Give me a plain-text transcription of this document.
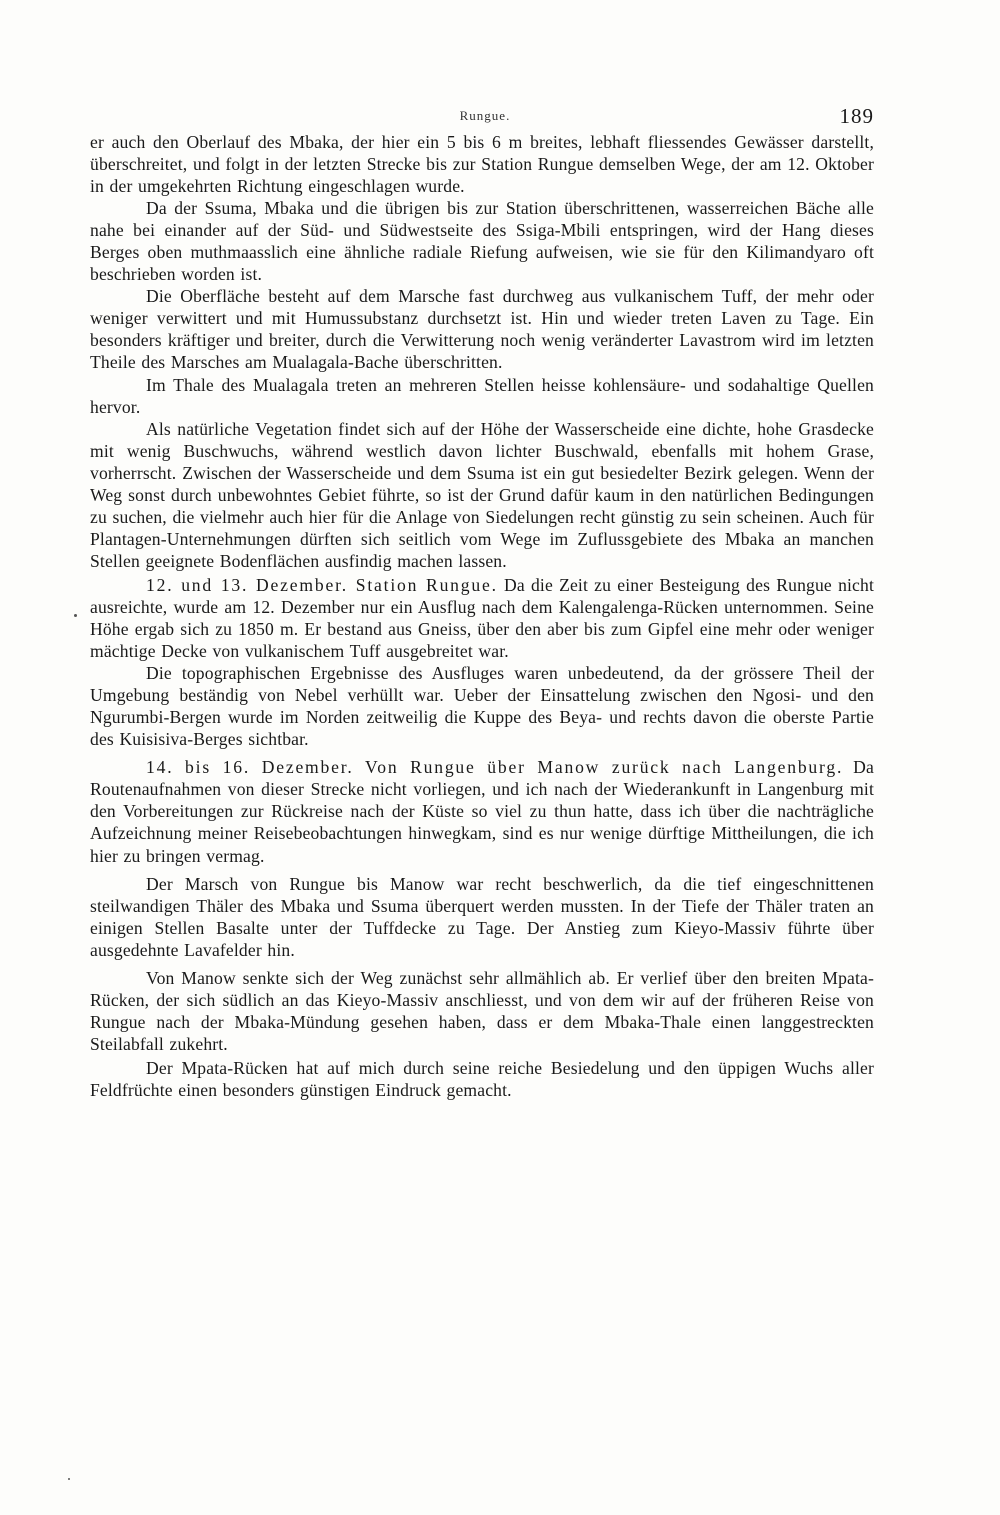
Rungue.	189

er auch den Oberlauf des Mbaka, der hier ein 5 bis 6 m breites, lebhaft fliessendes Gewässer darstellt, überschreitet, und folgt in der letzten Strecke bis zur Station Rungue demselben Wege, der am 12. Oktober in der umgekehrten Richtung eingeschlagen wurde.

Da der Ssuma, Mbaka und die übrigen bis zur Station überschrittenen, wasserreichen Bäche alle nahe bei einander auf der Süd- und Südwestseite des Ssiga-Mbili entspringen, wird der Hang dieses Berges oben muthmaasslich eine ähnliche radiale Riefung aufweisen, wie sie für den Kilimandyaro oft beschrieben worden ist.

Die Oberfläche besteht auf dem Marsche fast durchweg aus vulkanischem Tuff, der mehr oder weniger verwittert und mit Humussubstanz durchsetzt ist. Hin und wieder treten Laven zu Tage. Ein besonders kräftiger und breiter, durch die Verwitterung noch wenig veränderter Lavastrom wird im letzten Theile des Marsches am Mualagala-Bache überschritten.

Im Thale des Mualagala treten an mehreren Stellen heisse kohlensäure- und sodahaltige Quellen hervor.

Als natürliche Vegetation findet sich auf der Höhe der Wasserscheide eine dichte, hohe Grasdecke mit wenig Buschwuchs, während westlich davon lichter Buschwald, ebenfalls mit hohem Grase, vorherrscht. Zwischen der Wasserscheide und dem Ssuma ist ein gut besiedelter Bezirk gelegen. Wenn der Weg sonst durch unbewohntes Gebiet führte, so ist der Grund dafür kaum in den natürlichen Bedingungen zu suchen, die vielmehr auch hier für die Anlage von Siedelungen recht günstig zu sein scheinen. Auch für Plantagen-Unternehmungen dürften sich seitlich vom Wege im Zuflussgebiete des Mbaka an manchen Stellen geeignete Bodenflächen ausfindig machen lassen.

12. und 13. Dezember. Station Rungue. Da die Zeit zu einer Besteigung des Rungue nicht ausreichte, wurde am 12. Dezember nur ein Ausflug nach dem Kalengalenga-Rücken unternommen. Seine Höhe ergab sich zu 1850 m. Er bestand aus Gneiss, über den aber bis zum Gipfel eine mehr oder weniger mächtige Decke von vulkanischem Tuff ausgebreitet war.

Die topographischen Ergebnisse des Ausfluges waren unbedeutend, da der grössere Theil der Umgebung beständig von Nebel verhüllt war. Ueber der Einsattelung zwischen den Ngosi- und den Ngurumbi-Bergen wurde im Norden zeitweilig die Kuppe des Beya- und rechts davon die oberste Partie des Kuisisiva-Berges sichtbar.

14. bis 16. Dezember. Von Rungue über Manow zurück nach Langenburg. Da Routenaufnahmen von dieser Strecke nicht vorliegen, und ich nach der Wiederankunft in Langenburg mit den Vorbereitungen zur Rückreise nach der Küste so viel zu thun hatte, dass ich über die nachträgliche Aufzeichnung meiner Reisebeobachtungen hinwegkam, sind es nur wenige dürftige Mittheilungen, die ich hier zu bringen vermag.

Der Marsch von Rungue bis Manow war recht beschwerlich, da die tief eingeschnittenen steilwandigen Thäler des Mbaka und Ssuma überquert werden mussten. In der Tiefe der Thäler traten an einigen Stellen Basalte unter der Tuffdecke zu Tage. Der Anstieg zum Kieyo-Massiv führte über ausgedehnte Lavafelder hin.

Von Manow senkte sich der Weg zunächst sehr allmählich ab. Er verlief über den breiten Mpata-Rücken, der sich südlich an das Kieyo-Massiv anschliesst, und von dem wir auf der früheren Reise von Rungue nach der Mbaka-Mündung gesehen haben, dass er dem Mbaka-Thale einen langgestreckten Steilabfall zukehrt.

Der Mpata-Rücken hat auf mich durch seine reiche Besiedelung und den üppigen Wuchs aller Feldfrüchte einen besonders günstigen Eindruck gemacht.
